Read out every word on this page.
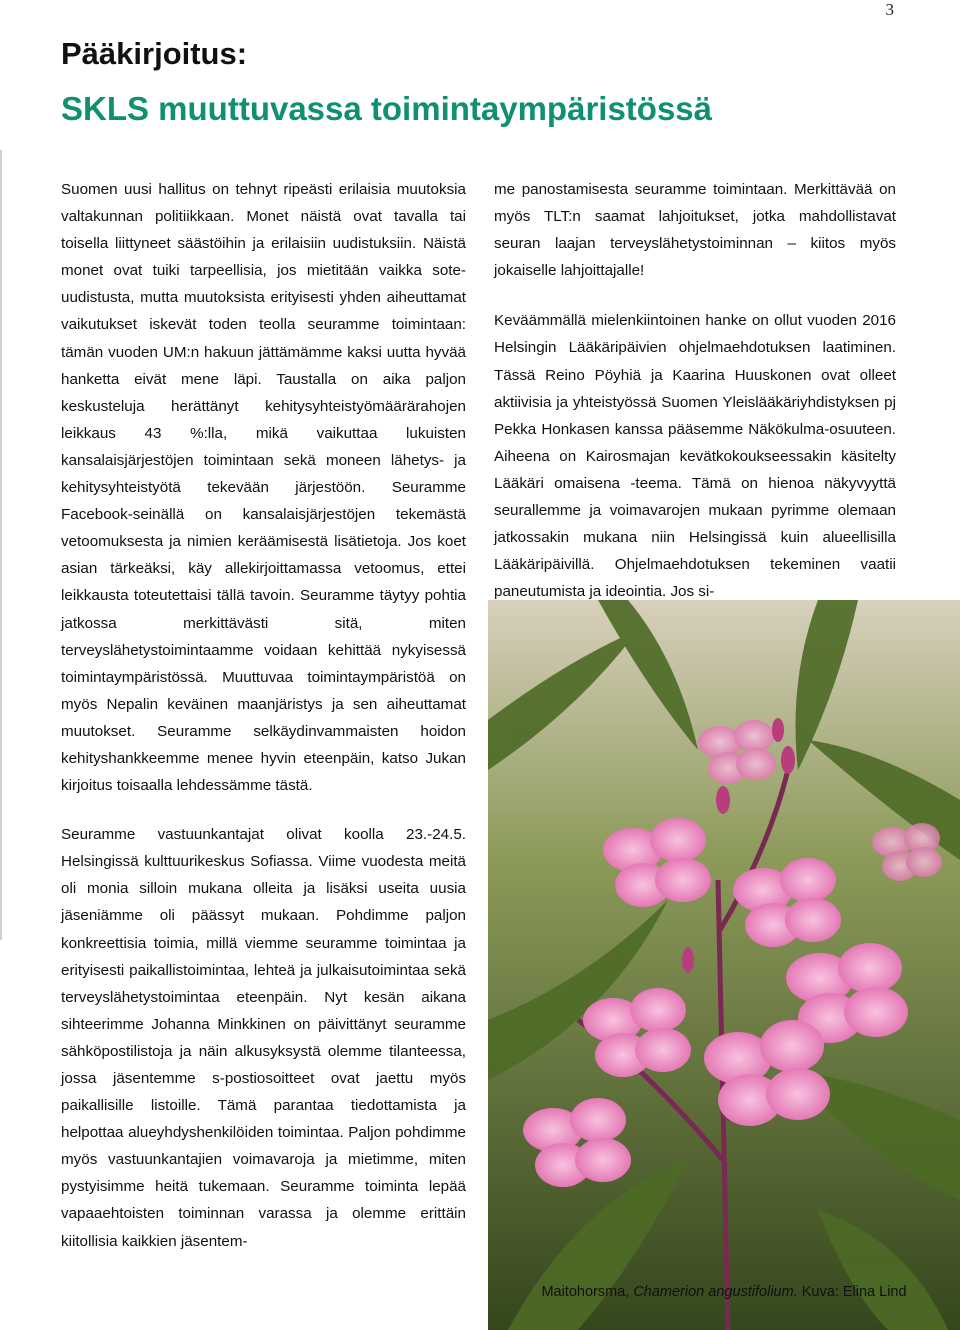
3
Pääkirjoitus:
SKLS muuttuvassa toimintaympäristössä

Suomen uusi hallitus on tehnyt ripeästi erilaisia muutoksia valtakunnan politiikkaan. Monet näistä ovat tavalla tai toisella liittyneet säästöihin ja erilaisiin uudistuksiin. Näistä monet ovat tuiki tarpeellisia, jos mietitään vaikka sote-uudistusta, mutta muutoksista erityisesti yhden aiheuttamat vaikutukset iskevät toden teolla seuramme toimintaan: tämän vuoden UM:n hakuun jättämämme kaksi uutta hyvää hanketta eivät mene läpi. Taustalla on aika paljon keskusteluja herättänyt kehitysyhteistyömäärärahojen leikkaus 43 %:lla, mikä vaikuttaa lukuisten kansalaisjärjestöjen toimintaan sekä moneen lähetys- ja kehitysyhteistyötä tekevään järjestöön. Seuramme Facebook-seinällä on kansalaisjärjestöjen tekemästä vetoomuksesta ja nimien keräämisestä lisätietoja. Jos koet asian tärkeäksi, käy allekirjoittamassa vetoomus, ettei leikkausta toteutettaisi tällä tavoin. Seuramme täytyy pohtia jatkossa merkittävästi sitä, miten terveyslähetystoimintaamme voidaan kehittää nykyisessä toimintaympäristössä. Muuttuvaa toimintaympäristöä on myös Nepalin keväinen maanjäristys ja sen aiheuttamat muutokset. Seuramme selkäydinvammaisten hoidon kehityshankkeemme menee hyvin eteenpäin, katso Jukan kirjoitus toisaalla lehdessämme tästä.

Seuramme vastuunkantajat olivat koolla 23.-24.5. Helsingissä kulttuurikeskus Sofiassa. Viime vuodesta meitä oli monia silloin mukana olleita ja lisäksi useita uusia jäseniämme oli päässyt mukaan. Pohdimme paljon konkreettisia toimia, millä viemme seuramme toimintaa ja erityisesti paikallistoimintaa, lehteä ja julkaisutoimintaa sekä terveyslähetystoimintaa eteenpäin. Nyt kesän aikana sihteerimme Johanna Minkkinen on päivittänyt seuramme sähköpostilistoja ja näin alkusyksystä olemme tilanteessa, jossa jäsentemme s-postiosoitteet ovat jaettu myös paikallisille listoille. Tämä parantaa tiedottamista ja helpottaa alueyhdyshenkilöiden toimintaa. Paljon pohdimme myös vastuunkantajien voimavaroja ja mietimme, miten pystyisimme heitä tukemaan. Seuramme toiminta lepää vapaaehtoisten toiminnan varassa ja olemme erittäin kiitollisia kaikkien jäsentem-

me panostamisesta seuramme toimintaan. Merkittävää on myös TLT:n saamat lahjoitukset, jotka mahdollistavat seuran laajan terveyslähetystoiminnan – kiitos myös jokaiselle lahjoittajalle!

Keväämmällä mielenkiintoinen hanke on ollut vuoden 2016 Helsingin Lääkäripäivien ohjelmaehdotuksen laatiminen. Tässä Reino Pöyhiä ja Kaarina Huuskonen ovat olleet aktiivisia ja yhteistyössä Suomen Yleislääkäriyhdistyksen pj Pekka Honkasen kanssa pääsemme Näkökulma-osuuteen. Aiheena on Kairosmajan kevätkokoukseessakin käsitelty Lääkäri omaisena -teema. Tämä on hienoa näkyvyyttä seurallemme ja voimavarojen mukaan pyrimme olemaan jatkossakin mukana niin Helsingissä kuin alueellisilla Lääkäripäivillä. Ohjelmaehdotuksen tekeminen vaatii paneutumista ja ideointia. Jos si-

Maitohorsma, Chamerion angustifolium. Kuva: Elina Lind
